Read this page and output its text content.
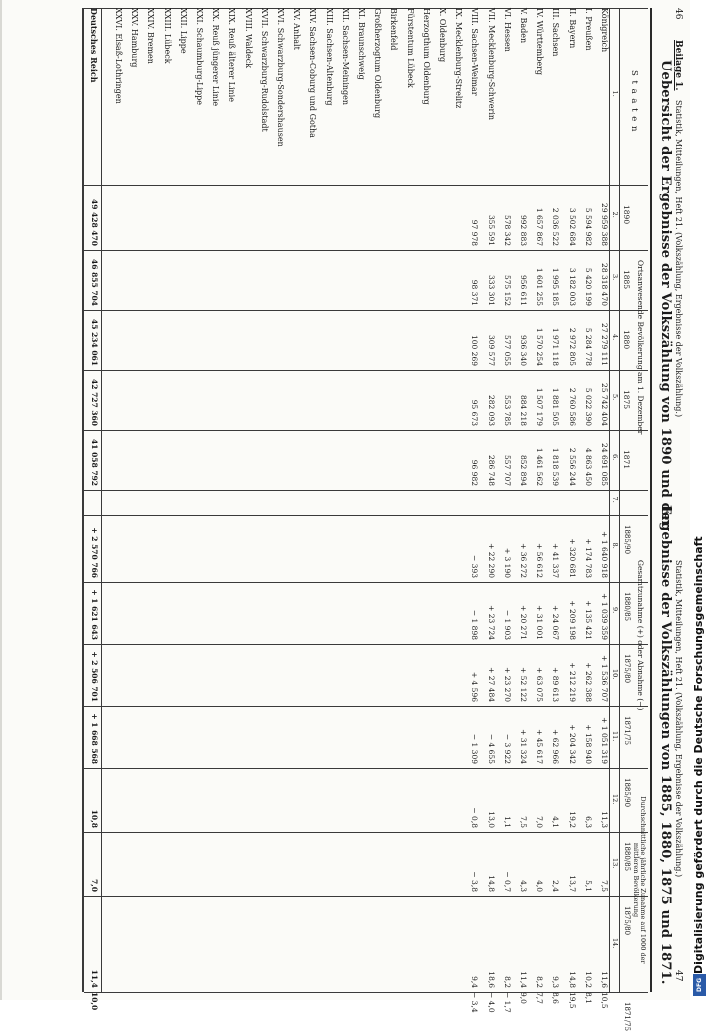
46
Beilage 1.
Statistik, Mitteilungen, Heft 21. (Volkszählung, Ergebnisse der Volkszählung.)
Statistik, Mitteilungen, Heft 21. (Volkszählung, Ergebnisse der Volkszählung.)
47
Uebersicht der Ergebnisse der Volkszählung von 1890 und der
Ergebnisse der Volkszählungen von 1885, 1880, 1875 und 1871.
S t a a t e n
Ortsanwesende Bevölkerung am 1. Dezember
Gesamtzunahme (+) oder Abnahme (−)
Durchschnittliche jährliche Zunahme auf 1000 der mittleren Bevölkerung
1890
1885
1880
1875
1871
1885/90
1880/85
1875/80
1871/75
1885/90
1880/85
1875/80
1871/75
1.
2.
3.
4.
5.
6.
7.
8.
9.
10.
11.
12.
13.
14.
Königreich
29 959 388
28 318 470
27 279 111
25 742 404
24 691 085
+ 1 640 918
+ 1 039 359
+ 1 536 707
+ 1 051 319
11,3
7,5
11,6
10,5
I. Preußen
5 594 982
5 420 199
5 284 778
5 022 390
4 863 450
+ 174 783
+ 135 421
+ 262 388
+ 158 940
6,3
5,1
10,2
8,1
II. Bayern
3 502 684
3 182 003
2 972 805
2 760 586
2 556 244
+ 320 681
+ 209 198
+ 212 219
+ 204 342
19,2
13,7
14,8
19,5
III. Sachsen
2 036 522
1 995 185
1 971 118
1 881 505
1 818 539
+ 41 337
+ 24 067
+ 89 613
+ 62 966
4,1
2,4
9,3
8,6
IV. Württemberg
1 657 867
1 601 255
1 570 254
1 507 179
1 461 562
+ 56 612
+ 31 001
+ 63 075
+ 45 617
7,0
4,0
8,2
7,7
V. Baden
992 883
956 611
936 340
884 218
852 894
+ 36 272
+ 20 271
+ 52 122
+ 31 324
7,5
4,3
11,4
9,0
VI. Hessen
578 342
575 152
577 055
553 785
557 707
+ 3 190
− 1 903
+ 23 270
− 3 922
1,1
− 0,7
8,2
− 1,7
VII. Mecklenburg-Schwerin
355 591
333 301
309 577
282 093
286 748
+ 22 290
+ 23 724
+ 27 484
− 4 655
13,0
14,8
18,6
− 4,0
VIII. Sachsen-Weimar
97 978
98 371
100 269
95 673
96 982
− 393
− 1 898
+ 4 596
− 1 309
− 0,8
− 3,8
9,4
− 3,4
IX. Mecklenburg-Strelitz
X. Oldenburg
Herzogthum Oldenburg
Fürstentum Lübeck
Birkenfeld
Großherzogtum Oldenburg
XI. Braunschweig
XII. Sachsen-Meiningen
XIII. Sachsen-Altenburg
XIV. Sachsen-Coburg und Gotha
XV. Anhalt
XVI. Schwarzburg-Sondershausen
XVII. Schwarzburg-Rudolstadt
XVIII. Waldeck
XIX. Reuß älterer Linie
XX. Reuß jüngerer Linie
XXI. Schaumburg-Lippe
XXII. Lippe
XXIII. Lübeck
XXIV. Bremen
XXV. Hamburg
XXVI. Elsaß-Lothringen
Deutsches Reich
49 428 470
46 855 704
45 234 061
42 727 360
41 058 792
+ 2 570 766
+ 1 621 643
+ 2 506 701
+ 1 668 568
10,8
7,0
11,4
10,0
Digitalisierung gefördert durch die Deutsche Forschungsgemeinschaft
DFG
